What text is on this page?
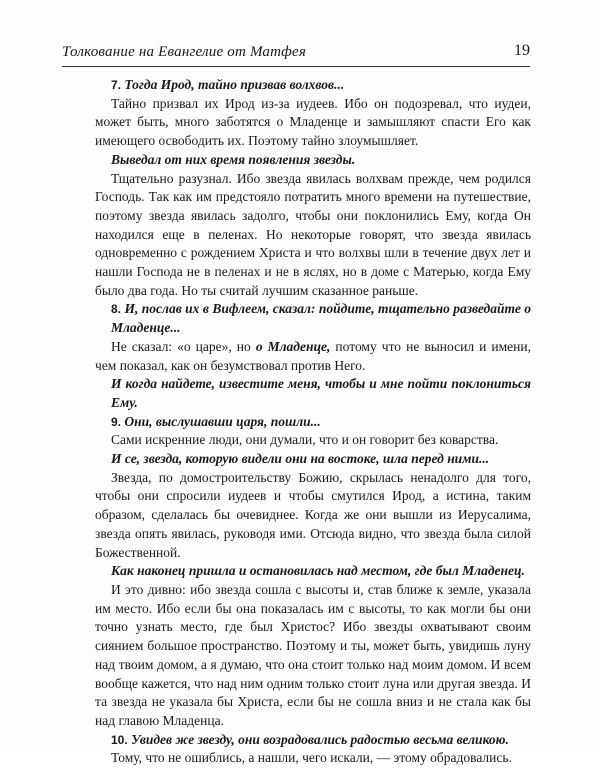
Толкование на Евангелие от Матфея	19

7. Тогда Ирод, тайно призвав волхвов...

Тайно призвал их Ирод из-за иудеев. Ибо он подозревал, что иудеи, может быть, много заботятся о Младенце и замышляют спасти Его как имеющего освободить их. Поэтому тайно злоумышляет.

Выведал от них время появления звезды.

Тщательно разузнал. Ибо звезда явилась волхвам прежде, чем родился Господь. Так как им предстояло потратить много времени на путешествие, поэтому звезда явилась задолго, чтобы они поклонились Ему, когда Он находился еще в пеленах. Но некоторые говорят, что звезда явилась одновременно с рождением Христа и что волхвы шли в течение двух лет и нашли Господа не в пеленах и не в яслях, но в доме с Матерью, когда Ему было два года. Но ты считай лучшим сказанное раньше.

8. И, послав их в Вифлеем, сказал: пойдите, тщательно разведайте о Младенце...

Не сказал: «о царе», но о Младенце, потому что не выносил и имени, чем показал, как он безумствовал против Него.

И когда найдете, известите меня, чтобы и мне пойти поклониться Ему.

9. Они, выслушавши царя, пошли...

Сами искренние люди, они думали, что и он говорит без коварства.

И се, звезда, которую видели они на востоке, шла перед ними...

Звезда, по домостроительству Божию, скрылась ненадолго для того, чтобы они спросили иудеев и чтобы смутился Ирод, а истина, таким образом, сделалась бы очевиднее. Когда же они вышли из Иерусалима, звезда опять явилась, руководя ими. Отсюда видно, что звезда была силой Божественной.

Как наконец пришла и остановилась над местом, где был Младенец.

И это дивно: ибо звезда сошла с высоты и, став ближе к земле, указала им место. Ибо если бы она показалась им с высоты, то как могли бы они точно узнать место, где был Христос? Ибо звезды охватывают своим сиянием большое пространство. Поэтому и ты, может быть, увидишь луну над твоим домом, а я думаю, что она стоит только над моим домом. И всем вообще кажется, что над ним одним только стоит луна или другая звезда. И та звезда не указала бы Христа, если бы не сошла вниз и не стала как бы над главою Младенца.

10. Увидев же звезду, они возрадовались радостью весьма великою.

Тому, что не ошиблись, а нашли, чего искали, — этому обрадовались.
